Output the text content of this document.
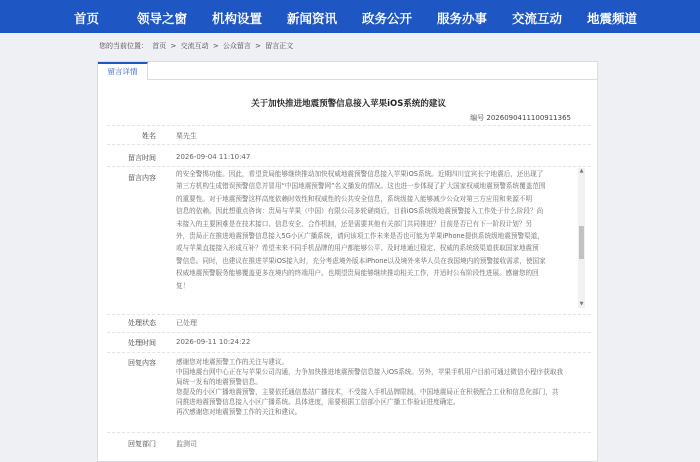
首页	领导之窗 机构设置 新闻资讯 政务公开 服务办事 交流互动 地震频道
您的当前位置： 首页 > 交流互动 > 公众留言 > 留言正文
留言详情
关于加快推进地震预警信息接入苹果iOS系统的建议
编号 2026090411100911365
姓名	栗先生
留言时间	2026-09-04 11:10:47
留言内容	的安全警惕功能。因此，希望贵局能够继续推动加快权威地震预警信息接入苹果iOS系统。近期四川宜宾长宁地震后，还出现了
第三方机构生成错误预警信息并冒用“中国地震预警网”名义播发的情况。这也进一步体现了扩大国家权威地震预警系统覆盖范围
的重要性。对于地震预警这样高度依赖时效性和权威性的公共安全信息，系统级接入能够减少公众对第三方应用和来源不明
信息的依赖。因此想重点咨询：贵局与苹果（中国）有限公司多轮磋商后，目前iOS系统级地震预警接入工作处于什么阶段？尚
未接入的主要困难是在技术接口、信息安全、合作机制，还是需要其他有关部门共同推进？目前是否已有下一阶段计划？另
外，贵局正在推进地震预警信息接入5G小区广播系统，请问该项工作未来是否也可能为苹果iPhone提供系统级地震预警渠道，
或与苹果直接接入形成互补？希望未来不同手机品牌的用户都能够公平、及时地通过稳定、权威的系统级渠道获取国家地震预
警信息。同时，也建议在推进苹果iOS接入时，充分考虑境外版本iPhone以及境外来华人员在我国境内的预警接收需求，使国家
权威地震预警服务能够覆盖更多在境内的终端用户。也期望贵局能够继续推动相关工作，并适时公布阶段性进展。感谢您的回
复！
▲
▼
处理状态	已处理
处理时间	2026-09-11 10:24:22
回复内容	感谢您对地震预警工作的关注与建议。

中国地震台网中心正在与苹果公司沟通，力争加快推进地震预警信息接入iOS系统。另外，苹果手机用户目前可通过微信小程序获取我

局统一发布的地震预警信息。

您提及的小区广播地震预警，主要依托通信基站广播技术，不受接入手机品牌限制。中国地震局正在积极配合工业和信息化部门，共

同推进地震预警信息接入小区广播系统。具体进度，需要根据工信部小区广播工作验证进度确定。

再次感谢您对地震预警工作的关注和建议。

回复部门	监测司
